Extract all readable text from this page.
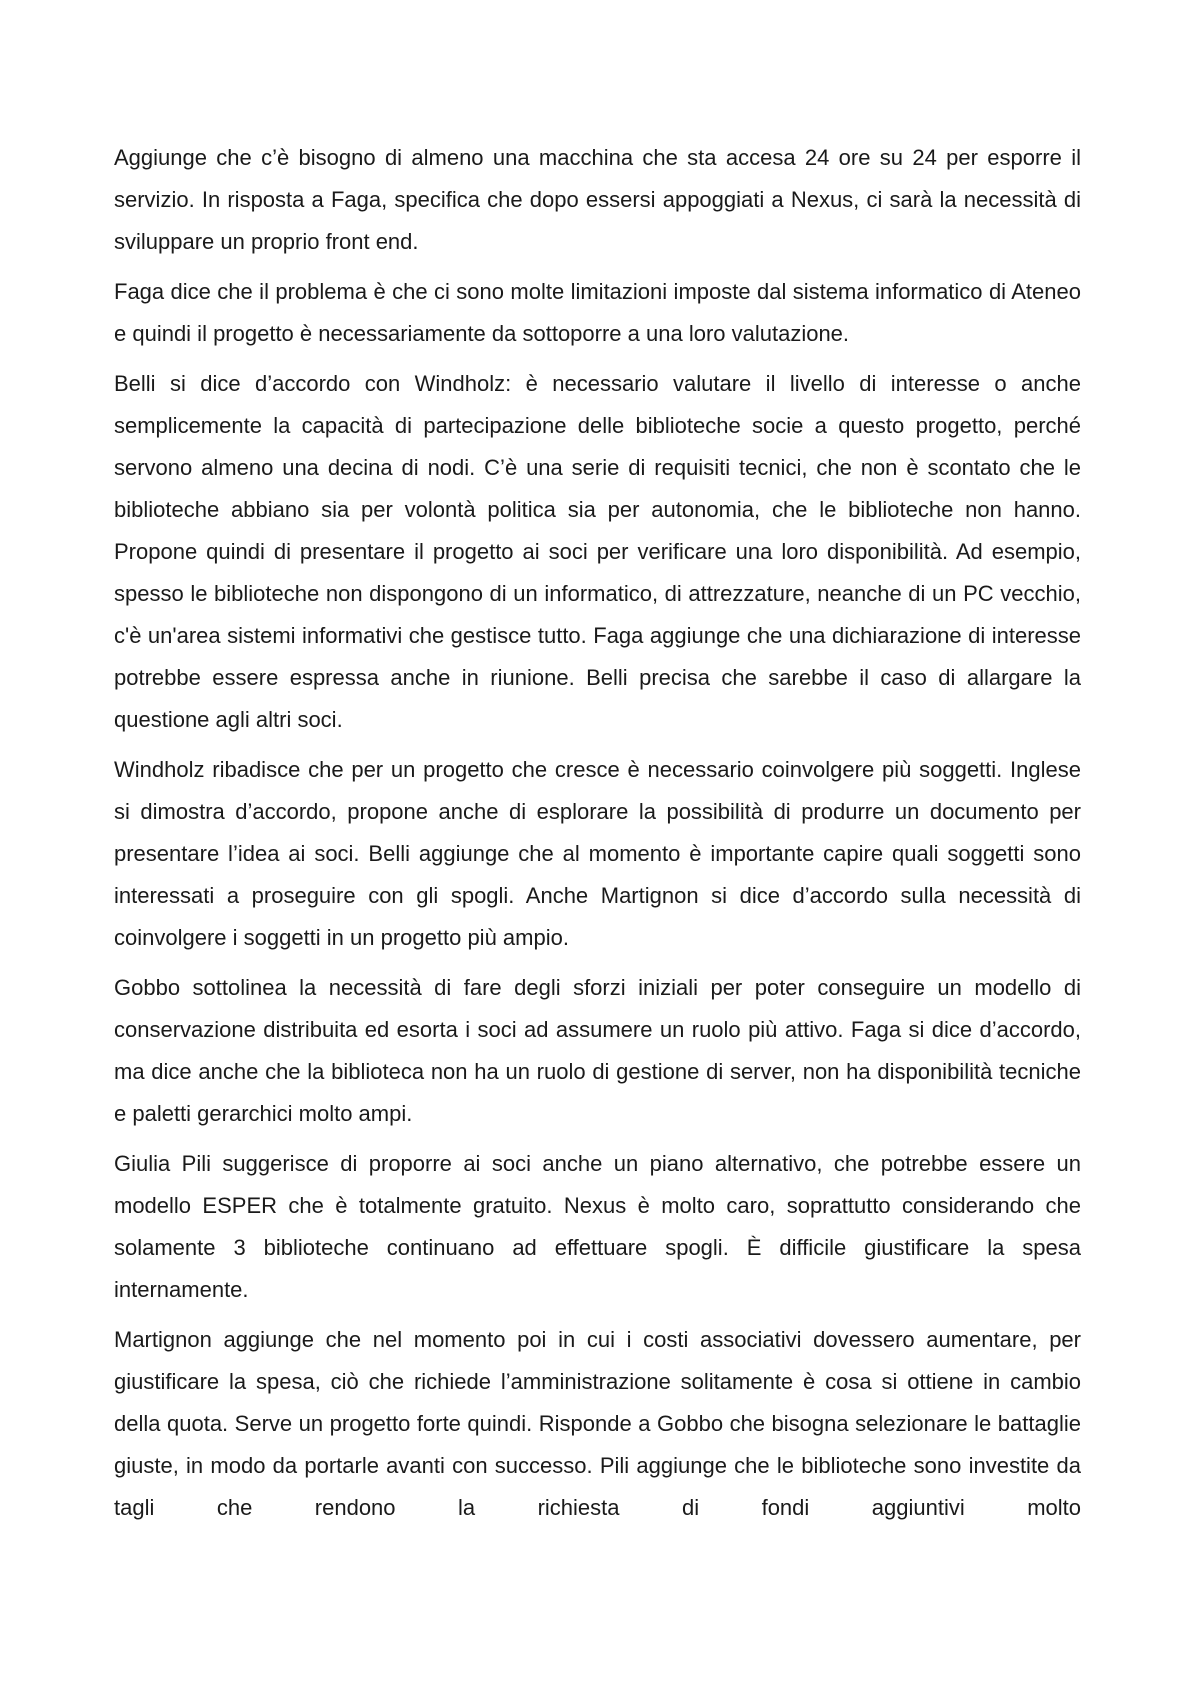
Aggiunge che c’è bisogno di almeno una macchina che sta accesa 24 ore su 24 per esporre il servizio. In risposta a Faga, specifica che dopo essersi appoggiati a Nexus, ci sarà la necessità di sviluppare un proprio front end.

Faga dice che il problema è che ci sono molte limitazioni imposte dal sistema informatico di Ateneo e quindi il progetto è necessariamente da sottoporre a una loro valutazione.

Belli si dice d’accordo con Windholz: è necessario valutare il livello di interesse o anche semplicemente la capacità di partecipazione delle biblioteche socie a questo progetto, perché servono almeno una decina di nodi. C’è una serie di requisiti tecnici, che non è scontato che le biblioteche abbiano sia per volontà politica sia per autonomia, che le biblioteche non hanno. Propone quindi di presentare il progetto ai soci per verificare una loro disponibilità. Ad esempio, spesso le biblioteche non dispongono di un informatico, di attrezzature, neanche di un PC vecchio, c'è un'area sistemi informativi che gestisce tutto. Faga aggiunge che una dichiarazione di interesse potrebbe essere espressa anche in riunione. Belli precisa che sarebbe il caso di allargare la questione agli altri soci.

Windholz ribadisce che per un progetto che cresce è necessario coinvolgere più soggetti. Inglese si dimostra d’accordo, propone anche di esplorare la possibilità di produrre un documento per presentare l’idea ai soci. Belli aggiunge che al momento è importante capire quali soggetti sono interessati a proseguire con gli spogli. Anche Martignon si dice d’accordo sulla necessità di coinvolgere i soggetti in un progetto più ampio.

Gobbo sottolinea la necessità di fare degli sforzi iniziali per poter conseguire un modello di conservazione distribuita ed esorta i soci ad assumere un ruolo più attivo. Faga si dice d’accordo, ma dice anche che la biblioteca non ha un ruolo di gestione di server, non ha disponibilità tecniche e paletti gerarchici molto ampi.

Giulia Pili suggerisce di proporre ai soci anche un piano alternativo, che potrebbe essere un modello ESPER che è totalmente gratuito. Nexus è molto caro, soprattutto considerando che solamente 3 biblioteche continuano ad effettuare spogli. È difficile giustificare la spesa internamente.

Martignon aggiunge che nel momento poi in cui i costi associativi dovessero aumentare, per giustificare la spesa, ciò che richiede l’amministrazione solitamente è cosa si ottiene in cambio della quota. Serve un progetto forte quindi. Risponde a Gobbo che bisogna selezionare le battaglie giuste, in modo da portarle avanti con successo. Pili aggiunge che le biblioteche sono investite da tagli che rendono la richiesta di fondi aggiuntivi molto
